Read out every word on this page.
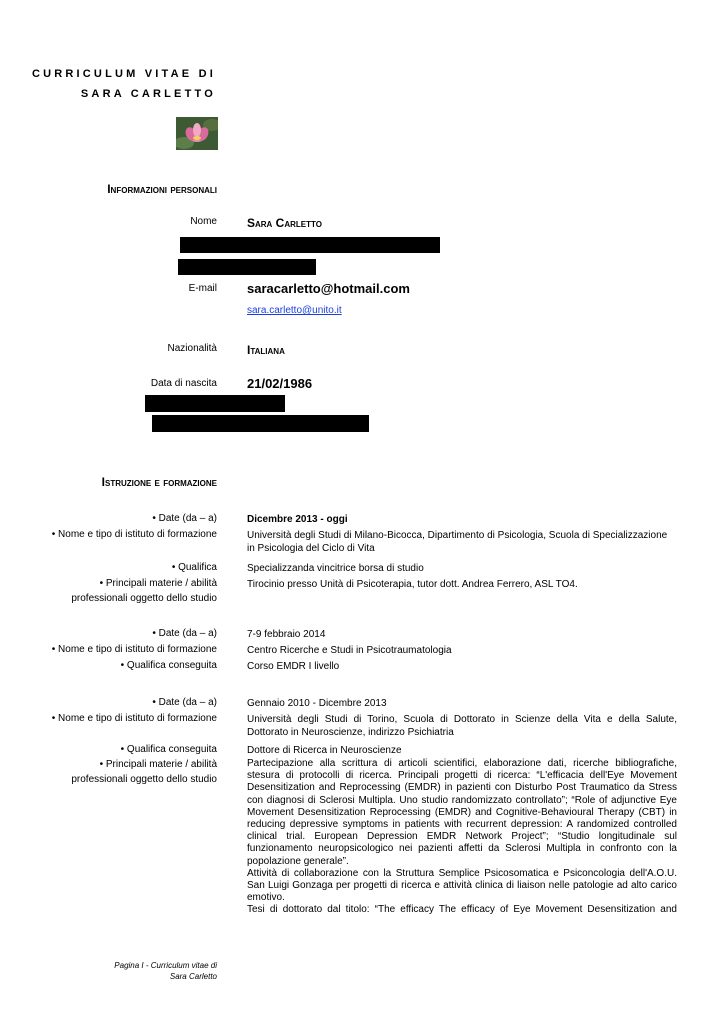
CURRICULUM VITAE DI
SARA CARLETTO
Informazioni personali
Nome	Sara Carletto
E-mail saracarletto@hotmail.com
sara.carletto@unito.it
Nazionalità	Italiana
Data di nascita 21/02/1986
Istruzione e formazione
• Date (da – a)	Dicembre 2013 - oggi
• Nome e tipo di istituto di formazione	Università degli Studi di Milano-Bicocca, Dipartimento di Psicologia, Scuola di Specializzazione
in Psicologia del Ciclo di Vita
• Qualifica	Specializzanda vincitrice borsa di studio
• Principali materie / abilità
professionali oggetto dello studio
Tirocinio presso Unità di Psicoterapia, tutor dott. Andrea Ferrero, ASL TO4.
• Date (da – a)	7-9 febbraio 2014
• Nome e tipo di istituto di formazione	Centro Ricerche e Studi in Psicotraumatologia
• Qualifica conseguita	Corso EMDR I livello
• Date (da – a)	Gennaio 2010 - Dicembre 2013
• Nome e tipo di istituto di formazione	Università degli Studi di Torino, Scuola di Dottorato in Scienze della Vita e della Salute,
Dottorato in Neuroscienze, indirizzo Psichiatria
• Qualifica conseguita	Dottore di Ricerca in Neuroscienze
• Principali materie / abilità
professionali oggetto dello studio

Partecipazione alla scrittura di articoli scientifici, elaborazione dati, ricerche bibliografiche, stesura di protocolli di ricerca. Principali progetti di ricerca: “L'efficacia dell'Eye Movement Desensitization and Reprocessing (EMDR) in pazienti con Disturbo Post Traumatico da Stress con diagnosi di Sclerosi Multipla. Uno studio randomizzato controllato”; “Role of adjunctive Eye Movement Desensitization Reprocessing (EMDR) and Cognitive-Behavioural Therapy (CBT) in reducing depressive symptoms in patients with recurrent depression: A randomized controlled clinical trial. European Depression EMDR Network Project”; “Studio longitudinale sul funzionamento neuropsicologico nei pazienti affetti da Sclerosi Multipla in confronto con la popolazione generale”.

Attività di collaborazione con la Struttura Semplice Psicosomatica e Psiconcologia dell'A.O.U. San Luigi Gonzaga per progetti di ricerca e attività clinica di liaison nelle patologie ad alto carico emotivo.

Tesi di dottorato dal titolo: “The efficacy The efficacy of Eye Movement Desensitization and

Pagina I - Curriculum vitae di
Sara Carletto
